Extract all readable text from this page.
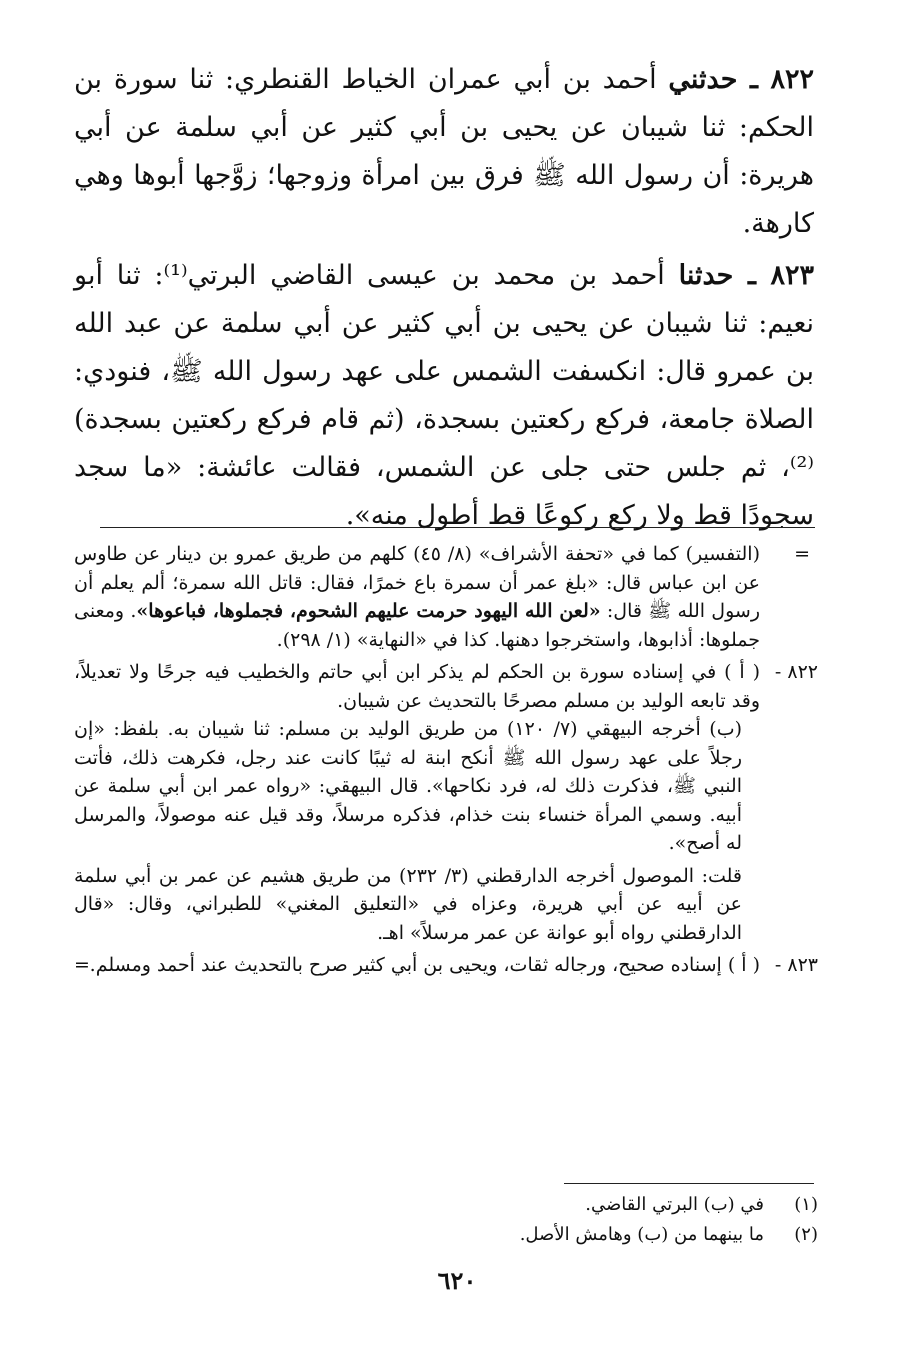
٨٢٢ ـ حدثني أحمد بن أبي عمران الخياط القنطري: ثنا سورة بن الحكم: ثنا شيبان عن يحيى بن أبي كثير عن أبي سلمة عن أبي هريرة: أن رسول الله ﷺ فرق بين امرأة وزوجها؛ زوَّجها أبوها وهي كارهة.

٨٢٣ ـ حدثنا أحمد بن محمد بن عيسى القاضي البرتي⁽¹⁾: ثنا أبو نعيم: ثنا شيبان عن يحيى بن أبي كثير عن أبي سلمة عن عبد الله بن عمرو قال: انكسفت الشمس على عهد رسول الله ﷺ، فنودي: الصلاة جامعة، فركع ركعتين بسجدة، (ثم قام فركع ركعتين بسجدة)⁽²⁾، ثم جلس حتى جلى عن الشمس، فقالت عائشة: «ما سجد سجودًا قط ولا ركع ركوعًا قط أطول منه».

=
(التفسير) كما في «تحفة الأشراف» (٨/ ٤٥) كلهم من طريق عمرو بن دينار عن طاوس عن ابن عباس قال: «بلغ عمر أن سمرة باع خمرًا، فقال: قاتل الله سمرة؛ ألم يعلم أن رسول الله ﷺ قال: «لعن الله اليهود حرمت عليهم الشحوم، فجملوها، فباعوها». ومعنى جملوها: أذابوها، واستخرجوا دهنها. كذا في «النهاية» (١/ ٢٩٨).
٨٢٢ -
( أ ) في إسناده سورة بن الحكم لم يذكر ابن أبي حاتم والخطيب فيه جرحًا ولا تعديلاً، وقد تابعه الوليد بن مسلم مصرحًا بالتحديث عن شيبان.
(ب) أخرجه البيهقي (٧/ ١٢٠) من طريق الوليد بن مسلم: ثنا شيبان به. بلفظ: «إن رجلاً على عهد رسول الله ﷺ أنكح ابنة له ثيبًا كانت عند رجل، فكرهت ذلك، فأتت النبي ﷺ، فذكرت ذلك له، فرد نكاحها». قال البيهقي: «رواه عمر ابن أبي سلمة عن أبيه. وسمي المرأة خنساء بنت خذام، فذكره مرسلاً، وقد قيل عنه موصولاً، والمرسل له أصح».
قلت: الموصول أخرجه الدارقطني (٣/ ٢٣٢) من طريق هشيم عن عمر بن أبي سلمة عن أبيه عن أبي هريرة، وعزاه في «التعليق المغني» للطبراني، وقال: «قال الدارقطني رواه أبو عوانة عن عمر مرسلاً» اهـ.
٨٢٣ -
( أ ) إسناده صحيح، ورجاله ثقات، ويحيى بن أبي كثير صرح بالتحديث عند أحمد ومسلم.
=
(١)
في (ب) البرتي القاضي.
(٢)
ما بينهما من (ب) وهامش الأصل.
٦٢٠
